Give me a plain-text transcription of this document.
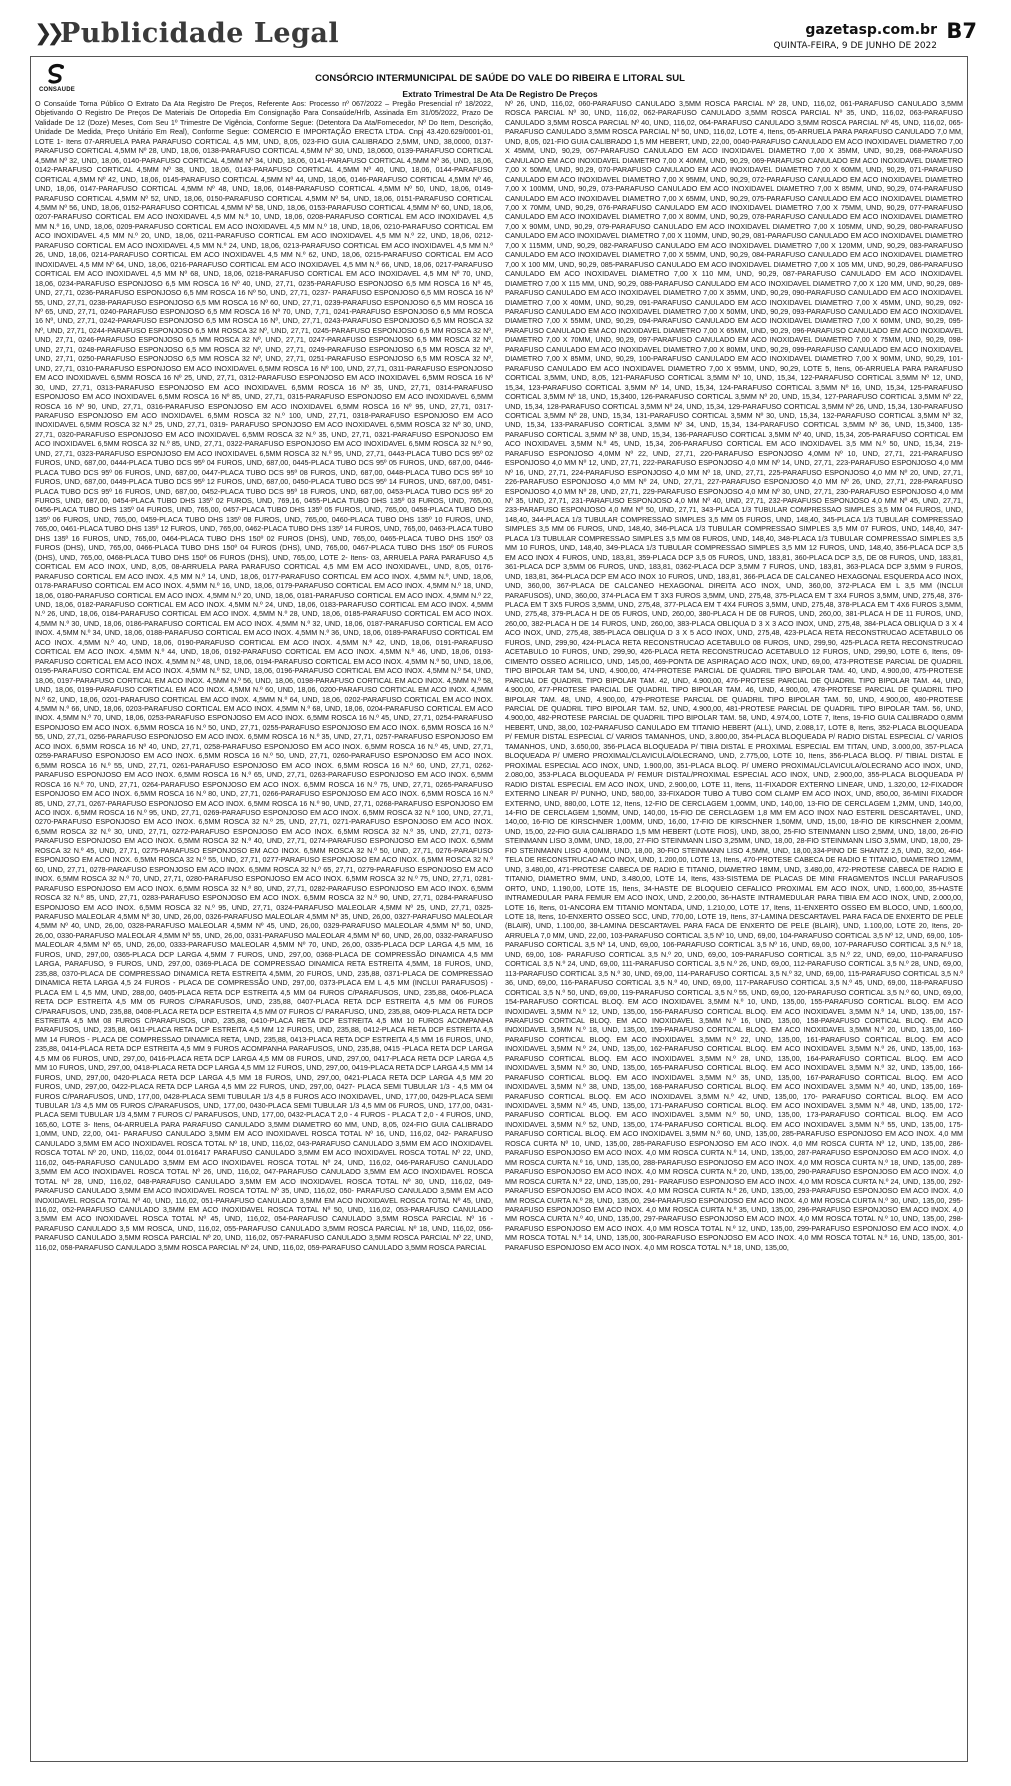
❯❯ Publicidade Legal	gazetasp.com.br
QUINTA-FEIRA, 9 DE JUNHO DE 2022
B7
CONSAUDE
CONSÓRCIO INTERMUNICIPAL DE SAÚDE DO VALE DO RIBEIRA E LITORAL SUL
Extrato Trimestral De Ata De Registro De Preços

O Consaúde Torna Público O Extrato Da Ata Registro De Preços, Referente Aos: Processo nº 067/2022 – Pregão Presencial nº 18/2022, Objetivando O Registro De Preços De Materiais De Ortopedia Em Consignação Para Consaúde/Hrlb, Assinada Em 31/05/2022, Prazo De Validade De 12 (Doze) Meses, Com Seu 1º Trimestre De Vigência, Conforme Segue: (Detentora Da Ata/Fornecedor, Nº Do Item, Descrição, Unidade De Medida, Preço Unitário Em Real), Conforme Segue: COMERCIO E IMPORTAÇÃO ERECTA LTDA. Cnpj 43.420.629/0001-01, LOTE 1- Itens 07-ARRUELA PARA PARAFUSO CORTICAL 4,5 MM, UND, 8,05, 023-FIO GUIA CALIBRADO 2,5MM, UND, 38,0000, 0137-PARAFUSO CORTICAL 4,5MM Nº 28, UND, 18,06, 0138-PARAFUSO CORTICAL 4,5MM Nº 30, UND, 18,0600, 0139-PARAFUSO CORTICAL 4,5MM Nº 32, UND, 18,06, 0140-PARAFUSO CORTICAL 4,5MM Nº 34, UND, 18,06, 0141-PARAFUSO CORTICAL 4,5MM Nº 36, UND, 18,06, 0142-PARAFUSO CORTICAL 4,5MM Nº 38, UND, 18,06, 0143-PARAFUSO CORTICAL 4,5MM Nº 40, UND, 18,06, 0144-PARAFUSO CORTICAL 4,5MM Nº 42, UND, 18,06, 0145-PARAFUSO CORTICAL 4,5MM Nº 44, UND, 18,06, 0146-PARAFUSO CORTICAL 4,5MM Nº 46, UND, 18,06, 0147-PARAFUSO CORTICAL 4,5MM Nº 48, UND, 18,06, 0148-PARAFUSO CORTICAL 4,5MM Nº 50, UND, 18,06, 0149-PARAFUSO CORTICAL 4,5MM Nº 52, UND, 18,06, 0150-PARAFUSO CORTICAL 4,5MM Nº 54, UND, 18,06, 0151-PARAFUSO CORTICAL 4,5MM Nº 56, UND, 18,06, 0152-PARAFUSO CORTICAL 4,5MM Nº 58, UND, 18,06, 0153-PARAFUSO CORTICAL 4,5MM Nº 60, UND, 18,06, 0207-PARAFUSO CORTICAL EM ACO INOXIDAVEL 4,5 MM N.º 10, UND, 18,06, 0208-PARAFUSO CORTICAL EM ACO INOXIDAVEL 4,5 MM N.º 16, UND, 18,06, 0209-PARAFUSO CORTICAL EM ACO INOXIDAVEL 4,5 MM N.º 18, UND, 18,06, 0210-PARAFUSO CORTICAL EM ACO INOXIDAVEL 4,5 MM N.º 20, UND, 18,06, 0211-PARAFUSO CORTICAL EM ACO INOXIDAVEL 4,5 MM N.º 22, UND, 18,06, 0212-PARAFUSO CORTICAL EM ACO INOXIDAVEL 4,5 MM N.º 24, UND, 18,06, 0213-PARAFUSO CORTICAL EM ACO INOXIDAVEL 4,5 MM N.º 26, UND, 18,06, 0214-PARAFUSO CORTICAL EM ACO INOXIDAVEL 4,5 MM N.º 62, UND, 18,06, 0215-PARAFUSO CORTICAL EM ACO INOXIDAVEL 4,5 MM Nº 64, UND, 18,06, 0216-PARAFUSO CORTICAL EM ACO INOXIDAVEL 4,5 MM N.º 66, UND, 18,06, 0217-PARAFUSO CORTICAL EM ACO INOXIDAVEL 4,5 MM Nº 68, UND, 18,06, 0218-PARAFUSO CORTICAL EM ACO INOXIDAVEL 4,5 MM Nº 70, UND, 18,06, 0234-PARAFUSO ESPONJOSO 6,5 MM ROSCA 16 Nº 40, UND, 27,71, 0235-PARAFUSO ESPONJOSO 6,5 MM ROSCA 16 Nº 45, UND, 27,71, 0236-PARAFUSO ESPONJOSO 6,5 MM ROSCA 16 Nº 50, UND, 27,71, 0237- PARAFUSO ESPONJOSO 6,5 MM ROSCA 16 Nº 55, UND, 27,71, 0238-PARAFUSO ESPONJOSO 6,5 MM ROSCA 16 Nº 60, UND, 27,71, 0239-PARAFUSO ESPONJOSO 6,5 MM ROSCA 16 Nº 65, UND, 27,71, 0240-PARAFUSO ESPONJOSO 6,5 MM ROSCA 16 Nº 70, UND, 7,71, 0241-PARAFUSO ESPONJOSO 6,5 MM ROSCA 16 Nº, UND, 27,71, 0242-PARAFUSO ESPONJOSO 6,5 MM ROSCA 16 Nº, UND, 27,71, 0243-PARAFUSO ESPONJOSO 6,5 MM ROSCA 32 Nº, UND, 27,71, 0244-PARAFUSO ESPONJOSO 6,5 MM ROSCA 32 Nº, UND, 27,71, 0245-PARAFUSO ESPONJOSO 6,5 MM ROSCA 32 Nº, UND, 27,71, 0246-PARAFUSO ESPONJOSO 6,5 MM ROSCA 32 Nº, UND, 27,71, 0247-PARAFUSO ESPONJOSO 6,5 MM ROSCA 32 Nº, UND, 27,71, 0248-PARAFUSO ESPONJOSO 6,5 MM ROSCA 32 Nº, UND, 27,71, 0249-PARAFUSO ESPONJOSO 6,5 MM ROSCA 32 Nº, UND, 27,71, 0250-PARAFUSO ESPONJOSO 6,5 MM ROSCA 32 Nº, UND, 27,71, 0251-PARAFUSO ESPONJOSO 6,5 MM ROSCA 32 Nº, UND, 27,71, 0310-PARAFUSO ESPONJOSO EM ACO INOXIDAVEL 6,5MM ROSCA 16 Nº 100, UND, 27,71, 0311-PARAFUSO ESPONJOSO EM ACO INOXIDAVEL 6,5MM ROSCA 16 Nº 25, UND, 27,71, 0312-PARAFUSO ESPONJOSO EM ACO INOXIDAVEL 6,5MM ROSCA 16 Nº 30, UND, 27,71, 0313-PARAFUSO ESPONJOSO EM ACO INOXIDAVEL 6,5MM ROSCA 16 Nº 35, UND, 27,71, 0314-PARAFUSO ESPONJOSO EM ACO INOXIDAVEL 6,5MM ROSCA 16 Nº 85, UND, 27,71, 0315-PARAFUSO ESPONJOSO EM ACO INOXIDAVEL 6,5MM ROSCA 16 Nº 90, UND, 27,71, 0316-PARAFUSO ESPONJOSO EM ACO INOXIDAVEL 6,5MM ROSCA 16 Nº 95, UND, 27,71, 0317-PARAFUSO ESPONJOSO EM ACO INOXIDAVEL 6,5MM ROSCA 32 N.º 100, UND, 27,71, 0318-PARAFUSO ESPONJOSO EM ACO INOXIDAVEL 6,5MM ROSCA 32 N.º 25, UND, 27,71, 0319- PARAFUSO SPONJOSO EM ACO INOXIDAVEL 6,5MM ROSCA 32 Nº 30, UND, 27,71, 0320-PARAFUSO ESPONJOSO EM ACO INOXIDAVEL 6,5MM ROSCA 32 N.º 35, UND, 27,71, 0321-PARAFUSO ESPONJOSO EM ACO INOXIDAVEL 6,5MM ROSCA 32 N.º 85, UND, 27,71, 0322-PARAFUSO ESPONJOSO EM ACO INOXIDAVEL 6,5MM ROSCA 32 N.º 90, UND, 27,71, 0323-PARAFUSO ESPONJOSO EM ACO INOXIDAVEL 6,5MM ROSCA 32 N.º 95, UND, 27,71, 0443-PLACA TUBO DCS 95º 02 FUROS, UND, 687,00, 0444-PLACA TUBO DCS 95º 04 FUROS, UND, 687,00, 0445-PLACA TUBO DCS 95º 05 FUROS, UND, 687,00, 0446-PLACA TUBO DCS 95º 06 FUROS, UND, 687,00, 0447-PLACA TUBO DCS 95º 08 FUROS, UND, 687,00, 0448-PLACA TUBO DCS 95º 10 FUROS, UND, 687,00, 0449-PLACA TUBO DCS 95º 12 FUROS, UND, 687,00, 0450-PLACA TUBO DCS 95º 14 FUROS, UND, 687,00, 0451-PLACA TUBO DCS 95º 16 FUROS, UND, 687,00, 0452-PLACA TUBO DCS 95º 18 FUROS, UND, 687,00, 0453-PLACA TUBO DCS 95º 20 FUROS, UND, 687,00, 0454-PLACA TUBO DHS 135º 02 FUROS, UND, 769,16, 0455-PLACA TUBO DHS 135º 03 FUROS, UND, 765,00, 0456-PLACA TUBO DHS 135º 04 FUROS, UND, 765,00, 0457-PLACA TUBO DHS 135º 05 FUROS, UND, 765,00, 0458-PLACA TUBO DHS 135º 06 FUROS, UND, 765,00, 0459-PLACA TUBO DHS 135º 08 FUROS, UND, 765,00, 0460-PLACA TUBO DHS 135º 10 FUROS, UND, 765,00, 0461-PLACA TUBO DHS 135º 12 FUROS, UND, 765,00, 0462-PLACA TUBO DHS 135º 14 FUROS, UND, 765,00, 0463-PLACA TUBO DHS 135º 16 FUROS, UND, 765,00, 0464-PLACA TUBO DHS 150º 02 FUROS (DHS), UND, 765,00, 0465-PLACA TUBO DHS 150º 03 FUROS (DHS), UND, 765,00, 0466-PLACA TUBO DHS 150º 04 FUROS (DHS), UND, 765,00, 0467-PLACA TUBO DHS 150º 05 FUROS (DHS), UND, 765,00, 0468-PLACA TUBO DHS 150º 06 FUROS (DHS), UND, 765,00, LOTE 2- Itens- 03, ARRUELA PARA PARAFUSO 4,5 CORTICAL EM ACO INOX, UND, 8,05, 08-ARRUELA PARA PARAFUSO CORTICAL 4,5 MM EM ACO INOXIDAVEL, UND, 8,05, 0176-PARAFUSO CORTICAL EM ACO INOX. 4,5 MM N.º 14, UND, 18,06, 0177-PARAFUSO CORTICAL EM ACO INOX. 4,5MM N.º, UND, 18,06, 0178-PARAFUSO CORTICAL EM ACO INOX. 4,5MM N.º 16, UND, 18,06, 0179-PARAFUSO CORTICAL EM ACO INOX. 4,5MM N.º 18, UND, 18,06, 0180-PARAFUSO CORTICAL EM ACO INOX. 4,5MM N.º 20, UND, 18,06, 0181-PARAFUSO CORTICAL EM ACO INOX. 4,5MM N.º 22, UND, 18,06, 0182-PARAFUSO CORTICAL EM ACO INOX. 4,5MM N.º 24, UND, 18,06, 0183-PARAFUSO CORTICAL EM ACO INOX. 4,5MM N.º 26, UND, 18,06, 0184-PARAFUSO CORTICAL EM ACO INOX. 4,5MM N.º 28, UND, 18,06, 0185-PARAFUSO CORTICAL EM ACO INOX. 4,5MM N.º 30, UND, 18,06, 0186-PARAFUSO CORTICAL EM ACO INOX. 4,5MM N.º 32, UND, 18,06, 0187-PARAFUSO CORTICAL EM ACO INOX. 4,5MM N.º 34, UND, 18,06, 0188-PARAFUSO CORTICAL EM ACO INOX. 4,5MM N.º 36, UND, 18,06, 0189-PARAFUSO CORTICAL EM ACO INOX. 4,5MM N.º 40, UND, 18,06, 0190-PARAFUSO CORTICAL EM ACO INOX. 4,5MM N.º 42, UND, 18,06, 0191-PARAFUSO CORTICAL EM ACO INOX. 4,5MM N.º 44, UND, 18,06, 0192-PARAFUSO CORTICAL EM ACO INOX. 4,5MM N.º 46, UND, 18,06, 0193-PARAFUSO CORTICAL EM ACO INOX. 4,5MM N.º 48, UND, 18,06, 0194-PARAFUSO CORTICAL EM ACO INOX. 4,5MM N.º 50, UND, 18,06, 0195-PARAFUSO CORTICAL EM ACO INOX. 4,5MM N.º 52, UND, 18,06, 0196-PARAFUSO CORTICAL EM ACO INOX. 4,5MM N.º 54, UND, 18,06, 0197-PARAFUSO CORTICAL EM ACO INOX. 4,5MM N.º 56, UND, 18,06, 0198-PARAFUSO CORTICAL EM ACO INOX. 4,5MM N.º 58, UND, 18,06, 0199-PARAFUSO CORTICAL EM ACO INOX. 4,5MM N.º 60, UND, 18,06, 0200-PARAFUSO CORTICAL EM ACO INOX. 4,5MM N.º 62, UND, 18,06, 0201-PARAFUSO CORTICAL EM ACO INOX. 4,5MM N.º 64, UND, 18,06, 0202-PARAFUSO CORTICAL EM ACO INOX. 4,5MM N.º 66, UND, 18,06, 0203-PARAFUSO CORTICAL EM ACO INOX. 4,5MM N.º 68, UND, 18,06, 0204-PARAFUSO CORTICAL EM ACO INOX. 4,5MM N.º 70, UND, 18,06, 0253-PARAFUSO ESPONJOSO EM ACO INOX. 6,5MM ROSCA 16 N.º 45, UND, 27,71, 0254-PARAFUSO ESPONJOSO EM ACO INOX. 6,5MM ROSCA 16 N.º 50, UND, 27,71, 0255-PARAFUSO ESPONJOSO EM ACO INOX. 6,5MM ROSCA 16 N.º 55, UND, 27,71, 0256-PARAFUSO ESPONJOSO EM ACO INOX. 6,5MM ROSCA 16 N.º 35, UND, 27,71, 0257-PARAFUSO ESPONJOSO EM ACO INOX. 6,5MM ROSCA 16 Nº 40, UND, 27,71, 0258-PARAFUSO ESPONJOSO EM ACO INOX. 6,5MM ROSCA 16 N.º 45, UND, 27,71, 0259-PARAFUSO ESPONJOSO EM ACO INOX. 6,5MM ROSCA 16 N.º 50, UND, 27,71, 0260-PARAFUSO ESPONJOSO EM ACO INOX. 6,5MM ROSCA 16 N.º 55, UND, 27,71, 0261-PARAFUSO ESPONJOSO EM ACO INOX. 6,5MM ROSCA 16 N.º 60, UND, 27,71, 0262-PARAFUSO ESPONJOSO EM ACO INOX. 6,5MM ROSCA 16 N.º 65, UND, 27,71, 0263-PARAFUSO ESPONJOSO EM ACO INOX. 6,5MM ROSCA 16 N.º 70, UND, 27,71, 0264-PARAFUSO ESPONJOSO EM ACO INOX. 6,5MM ROSCA 16 N.º 75, UND, 27,71, 0265-PARAFUSO ESPONJOSO EM ACO INOX. 6,5MM ROSCA 16 N.º 80, UND, 27,71, 0266-PARAFUSO ESPONJOSO EM ACO INOX. 6,5MM ROSCA 16 N.º 85, UND, 27,71, 0267-PARAFUSO ESPONJOSO EM ACO INOX. 6,5MM ROSCA 16 N.º 90, UND, 27,71, 0268-PARAFUSO ESPONJOSO EM ACO INOX. 6,5MM ROSCA 16 N.º 95, UND, 27,71, 0269-PARAFUSO ESPONJOSO EM ACO INOX. 6,5MM ROSCA 32 N.º 100, UND, 27,71, 0270-PARAFUSO ESPONJOSO EM ACO INOX. 6,5MM ROSCA 32 N.º 25, UND, 27,71, 0271-PARAFUSO ESPONJOSO EM ACO INOX. 6,5MM ROSCA 32 N.º 30, UND, 27,71, 0272-PARAFUSO ESPONJOSO EM ACO INOX. 6,5MM ROSCA 32 N.º 35, UND, 27,71, 0273-PARAFUSO ESPONJOSO EM ACO INOX. 6,5MM ROSCA 32 N.º 40, UND, 27,71, 0274-PARAFUSO ESPONJOSO EM ACO INOX. 6,5MM ROSCA 32 N.º 45, UND, 27,71, 0275-PARAFUSO ESPONJOSO EM ACO INOX. 6,5MM ROSCA 32 N.º 50, UND, 27,71, 0276-PARAFUSO ESPONJOSO EM ACO INOX. 6,5MM ROSCA 32 N.º 55, UND, 27,71, 0277-PARAFUSO ESPONJOSO EM ACO INOX. 6,5MM ROSCA 32 N.º 60, UND, 27,71, 0278-PARAFUSO ESPONJOSO EM ACO INOX. 6,5MM ROSCA 32 N.º 65, 27,71, 0279-PARAFUSO ESPONJOSO EM ACO INOX. 6,5MM ROSCA 32 N.º 70, UND, 27,71, 0280-PARAFUSO ESPONJOSO EM ACO INOX. 6,5MM ROSCA 32 N.º 75, UND, 27,71, 0281-PARAFUSO ESPONJOSO EM ACO INOX. 6,5MM ROSCA 32 N.º 80, UND, 27,71, 0282-PARAFUSO ESPONJOSO EM ACO INOX. 6,5MM ROSCA 32 N.º 85, UND, 27,71, 0283-PARAFUSO ESPONJOSO EM ACO INOX. 6,5MM ROSCA 32 N.º 90, UND, 27,71, 0284-PARAFUSO ESPONJOSO EM ACO INOX. 6,5MM ROSCA 32 N.º 95, UND, 27,71, 0324-PARAFUSO MALEOLAR 4,5MM Nº 25, UND, 27,71, 0325-PARAFUSO MALEOLAR 4,5MM Nº 30, UND, 26,00, 0326-PARAFUSO MALEOLAR 4,5MM Nº 35, UND, 26,00, 0327-PARAFUSO MALEOLAR 4,5MM Nº 40, UND, 26,00, 0328-PARAFUSO MALEOLAR 4,5MM Nº 45, UND, 26,00, 0329-PARAFUSO MALEOLAR 4,5MM Nº 50, UND, 26,00, 0330-PARAFUSO MALEOLAR 4,5MM Nº 55, UND, 26,00, 0331-PARAFUSO MALEOLAR 4,5MM Nº 60, UND, 26,00, 0332-PARAFUSO MALEOLAR 4,5MM Nº 65, UND, 26,00, 0333-PARAFUSO MALEOLAR 4,5MM Nº 70, UND, 26,00, 0335-PLACA DCP LARGA 4,5 MM, 16 FUROS, UND, 297,00, 0365-PLACA DCP LARGA 4,5MM 7 FUROS, UND, 297,00, 0368-PLACA DE COMPRESSÃO DINAMICA 4,5 MM LARGA, PARAFUSO, 9 FUROS, UND, 297,00, 0369-PLACA DE COMPRESSAO DINAMICA RETA ESTREITA 4,5MM, 18 FUROS, UND, 235,88, 0370-PLACA DE COMPRESSAO DINAMICA RETA ESTREITA 4,5MM, 20 FUROS, UND, 235,88, 0371-PLACA DE COMPRESSAO DINAMICA RETA LARGA 4,5 24 FUROS - PLACA DE COMPRESSÃO UND, 297,00, 0373-PLACA EM L 4,5 MM (INCLUI PARAFUSOS) - PLACA EM L 4,5 MM, UND, 288,00, 0405-PLACA RETA DCP ESTREITA 4,5 MM 04 FUROS C/PARAFUSOS, UND, 235,88, 0406-PLACA RETA DCP ESTREITA 4,5 MM 05 FUROS C/PARAFUSOS, UND, 235,88, 0407-PLACA RETA DCP ESTREITA 4,5 MM 06 FUROS C/PARAFUSOS, UND, 235,88, 0408-PLACA RETA DCP ESTREITA 4,5 MM 07 FUROS C/ PARAFUSO, UND, 235,88, 0409-PLACA RETA DCP ESTREITA 4,5 MM 08 FUROS C/PARAFUSOS, UND, 235,88, 0410-PLACA RETA DCP ESTREITA 4,5 MM 10 FUROS ACOMPANHA PARAFUSOS, UND, 235,88, 0411-PLACA RETA DCP ESTREITA 4,5 MM 12 FUROS, UND, 235,88, 0412-PLACA RETA DCP ESTREITA 4,5 MM 14 FUROS - PLACA DE COMPRESSAO DINAMICA RETA, UND, 235,88, 0413-PLACA RETA DCP ESTREITA 4,5 MM 16 FUROS, UND, 235,88, 0414-PLACA RETA DCP ESTREITA 4,5 MM 9 FUROS ACOMPANHA PARAFUSOS, UND, 235,88, 0415 -PLACA RETA DCP LARGA 4,5 MM 06 FUROS, UND, 297,00, 0416-PLACA RETA DCP LARGA 4,5 MM 08 FUROS, UND, 297,00, 0417-PLACA RETA DCP LARGA 4,5 MM 10 FUROS, UND, 297,00, 0418-PLACA RETA DCP LARGA 4,5 MM 12 FUROS, UND, 297,00, 0419-PLACA RETA DCP LARGA 4,5 MM 14 FUROS, UND, 297,00, 0420-PLACA RETA DCP LARGA 4,5 MM 18 FUROS, UND, 297,00, 0421-PLACA RETA DCP LARGA 4,5 MM 20 FUROS, UND, 297,00, 0422-PLACA RETA DCP LARGA 4,5 MM 22 FUROS, UND, 297,00, 0427- PLACA SEMI TUBULAR 1/3 - 4,5 MM 04 FUROS C/PARAFUSOS, UND, 177,00, 0428-PLACA SEMI TUBULAR 1/3 4,5 8 FUROS ACO INOXIDAVEL, UND, 177,00, 0429-PLACA SEMI TUBULAR 1/3 4,5 MM 05 FUROS C/PARAFUSOS, UND, 177,00, 0430-PLACA SEMI TUBULAR 1/3 4,5 MM 06 FUROS, UND, 177,00, 0431-PLACA SEMI TUBULAR 1/3 4,5MM 7 FUROS C/ PARAFUSOS, UND, 177,00, 0432-PLACA T 2,0 - 4 FUROS - PLACA T 2,0 - 4 FUROS, UND, 165,60, LOTE 3- Itens, 04-ARRUELA PARA PARAFUSO CANULADO 3,5MM DIAMETRO 60 MM, UND, 8,05, 024-FIO GUIA CALIBRADO 1,0MM, UND, 22,00, 041- PARAFUSO CANULADO 3,5MM EM ACO INOXIDAVEL ROSCA TOTAL Nº 16, UND, 116,02, 042- PARAFUSO CANULADO 3,5MM EM ACO INOXIDAVEL ROSCA TOTAL Nº 18, UND, 116,02, 043-PARAFUSO CANULADO 3,5MM EM ACO INOXIDAVEL ROSCA TOTAL Nº 20, UND, 116,02, 0044 01.016417 PARAFUSO CANULADO 3,5MM EM ACO INOXIDAVEL ROSCA TOTAL Nº 22, UND, 116,02, 045-PARAFUSO CANULADO 3,5MM EM ACO INOXIDAVEL ROSCA TOTAL Nº 24, UND, 116,02, 046-PARAFUSO CANULADO 3,5MM EM ACO INOXIDAVEL ROSCA TOTAL Nº 26, UND, 116,02, 047-PARAFUSO CANULADO 3,5MM EM ACO INOXIDAVEL ROSCA TOTAL Nº 28, UND, 116,02, 048-PARAFUSO CANULADO 3,5MM EM ACO INOXIDAVEL ROSCA TOTAL Nº 30, UND, 116,02, 049-PARAFUSO CANULADO 3,5MM EM ACO INOXIDAVEL ROSCA TOTAL Nº 35, UND, 116,02, 050- PARAFUSO CANULADO 3,5MM EM ACO INOXIDAVEL ROSCA TOTAL Nº 40, UND, 116,02, 051-PARAFUSO CANULADO 3,5MM EM ACO INOXIDAVEL ROSCA TOTAL Nº 45, UND, 116,02, 052-PARAFUSO CANULADO 3,5MM EM ACO INOXIDAVEL ROSCA TOTAL Nº 50, UND, 116,02, 053-PARAFUSO CANULADO 3,5MM EM ACO INOXIDAVEL ROSCA TOTAL Nº 45, UND, 116,02, 054-PARAFUSO CANULADO 3,5MM ROSCA PARCIAL Nº 16 - PARAFUSO CANULADO 3,5 MM ROSCA, UND, 116,02, 055-PARAFUSO CANULADO 3,5MM ROSCA PARCIAL Nº 18, UND, 116,02, 056-PARAFUSO CANULADO 3,5MM ROSCA PARCIAL Nº 20, UND, 116,02, 057-PARAFUSO CANULADO 3,5MM ROSCA PARCIAL Nº 22, UND, 116,02, 058-PARAFUSO CANULADO 3,5MM ROSCA PARCIAL Nº 24, UND, 116,02, 059-PARAFUSO CANULADO 3,5MM ROSCA PARCIAL

Nº 26, UND, 116,02, 060-PARAFUSO CANULADO 3,5MM ROSCA PARCIAL Nº 28, UND, 116,02, 061-PARAFUSO CANULADO 3,5MM ROSCA PARCIAL Nº 30, UND, 116,02, 062-PARAFUSO CANULADO 3,5MM ROSCA PARCIAL Nº 35, UND, 116,02, 063-PARAFUSO CANULADO 3,5MM ROSCA PARCIAL Nº 40, UND, 116,02, 064-PARAFUSO CANULADO 3,5MM ROSCA PARCIAL Nº 45, UND, 116,02, 065-PARAFUSO CANULADO 3,5MM ROSCA PARCIAL Nº 50, UND, 116,02, LOTE 4, Itens, 05-ARRUELA PARA PARAFUSO CANULADO 7,0 MM, UND, 8,05, 021-FIO GUIA CALIBRADO 1,5 MM HEBERT, UND, 22,00, 0040-PARAFUSO CANULADO EM ACO INOXIDAVEL DIAMETRO 7,00 X 45MM, UND, 90,29, 067-PARAFUSO CANULADO EM ACO INOXIDAVEL DIAMETRO 7,00 X 35MM, UND, 90,29, 068-PARAFUSO CANULADO EM ACO INOXIDAVEL DIAMETRO 7,00 X 40MM, UND, 90,29, 069-PARAFUSO CANULADO EM ACO INOXIDAVEL DIAMETRO 7,00 X 50MM, UND, 90,29, 070-PARAFUSO CANULADO EM ACO INOXIDAVEL DIAMETRO 7,00 X 60MM, UND, 90,29, 071-PARAFUSO CANULADO EM ACO INOXIDAVEL DIAMETRO 7,00 X 95MM, UND, 90,29, 072-PARAFUSO CANULADO EM ACO INOXIDAVEL DIAMETRO 7,00 X 100MM, UND, 90,29, 073-PARAFUSO CANULADO EM ACO INOXIDAVEL DIAMETRO 7,00 X 85MM, UND, 90,29, 074-PARAFUSO CANULADO EM ACO INOXIDAVEL DIAMETRO 7,00 X 65MM, UND, 90,29, 075-PARAFUSO CANULADO EM ACO INOXIDAVEL DIAMETRO 7,00 X 70MM, UND, 90,29, 076-PARAFUSO CANULADO EM ACO INOXIDAVEL DIAMETRO 7,00 X 75MM, UND, 90,29, 077-PARAFUSO CANULADO EM ACO INOXIDAVEL DIAMETRO 7,00 X 80MM, UND, 90,29, 078-PARAFUSO CANULADO EM ACO INOXIDAVEL DIAMETRO 7,00 X 90MM, UND, 90,29, 079-PARAFUSO CANULADO EM ACO INOXIDAVEL DIAMETRO 7,00 X 105MM, UND, 90,29, 080-PARAFUSO CANULADO EM ACO INOXIDAVEL DIAMETRO 7,00 X 110MM, UND, 90,29, 081-PARAFUSO CANULADO EM ACO INOXIDAVEL DIAMETRO 7,00 X 115MM, UND, 90,29, 082-PARAFUSO CANULADO EM ACO INOXIDAVEL DIAMETRO 7,00 X 120MM, UND, 90,29, 083-PARAFUSO CANULADO EM ACO INOXIDAVEL DIAMETRO 7,00 X 55MM, UND, 90,29, 084-PARAFUSO CANULADO EM ACO INOXIDAVEL DIAMETRO 7,00 X 100 MM, UND, 90,29, 085-PARAFUSO CANULADO EM ACO INOXIDAVEL DIAMETRO 7,00 X 105 MM, UND, 90,29, 086-PARAFUSO CANULADO EM ACO INOXIDAVEL DIAMETRO 7,00 X 110 MM, UND, 90,29, 087-PARAFUSO CANULADO EM ACO INOXIDAVEL DIAMETRO 7,00 X 115 MM, UND, 90,29, 088-PARAFUSO CANULADO EM ACO INOXIDAVEL DIAMETRO 7,00 X 120 MM, UND, 90,29, 089-PARAFUSO CANULADO EM ACO INOXIDAVEL DIAMETRO 7,00 X 35MM, UND, 90,29, 090-PARAFUSO CANULADO EM ACO INOXIDAVEL DIAMETRO 7,00 X 40MM, UND, 90,29, 091-PARAFUSO CANULADO EM ACO INOXIDAVEL DIAMETRO 7,00 X 45MM, UND, 90,29, 092-PARAFUSO CANULADO EM ACO INOXIDAVEL DIAMETRO 7,00 X 50MM, UND, 90,29, 093-PARAFUSO CANULADO EM ACO INOXIDAVEL DIAMETRO 7,00 X 55MM, UND, 90,29, 094-PARAFUSO CANULADO EM ACO INOXIDAVEL DIAMETRO 7,00 X 60MM, UND, 90,29, 095-PARAFUSO CANULADO EM ACO INOXIDAVEL DIAMETRO 7,00 X 65MM, UND, 90,29, 096-PARAFUSO CANULADO EM ACO INOXIDAVEL DIAMETRO 7,00 X 70MM, UND, 90,29, 097-PARAFUSO CANULADO EM ACO INOXIDAVEL DIAMETRO 7,00 X 75MM, UND, 90,29, 098-PARAFUSO CANULADO EM ACO INOXIDAVEL DIAMETRO 7,00 X 80MM, UND, 90,29, 099-PARAFUSO CANULADO EM ACO INOXIDAVEL DIAMETRO 7,00 X 85MM, UND, 90,29, 100-PARAFUSO CANULADO EM ACO INOXIDAVEL DIAMETRO 7,00 X 90MM, UND, 90,29, 101-PARAFUSO CANULADO EM ACO INOXIDAVEL DIAMETRO 7,00 X 95MM, UND, 90,29, LOTE 5, Itens, 06-ARRUELA PARA PARAFUSO CORTICAL 3,5MM, UND, 8,05, 121-PARAFUSO CORTICAL 3,5MM Nº 10, UND, 15,34, 122-PARAFUSO CORTICAL 3,5MM Nº 12, UND, 15,34, 123-PARAFUSO CORTICAL 3,5MM Nº 14, UND, 15,34, 124-PARAFUSO CORTICAL 3,5MM Nº 16, UND, 15,34, 125-PARAFUSO CORTICAL 3,5MM Nº 18, UND, 15,3400, 126-PARAFUSO CORTICAL 3,5MM Nº 20, UND, 15,34, 127-PARAFUSO CORTICAL 3,5MM Nº 22, UND, 15,34, 128-PARAFUSO CORTICAL 3,5MM Nº 24, UND, 15,34, 129-PARAFUSO CORTICAL 3,5MM Nº 26, UND, 15,34, 130-PARAFUSO CORTICAL 3,5MM Nº 28, UND, 15,34, 131-PARAFUSO CORTICAL 3,5MM Nº 30, UND, 15,34, 132-PARAFUSO CORTICAL 3,5MM Nº 32, UND, 15,34, 133-PARAFUSO CORTICAL 3,5MM Nº 34, UND, 15,34, 134-PARAFUSO CORTICAL 3,5MM Nº 36, UND, 15,3400, 135-PARAFUSO CORTICAL 3,5MM Nº 38, UND, 15,34, 136-PARAFUSO CORTICAL 3,5MM Nº 40, UND, 15,34, 205-PARAFUSO CORTICAL EM ACO INOXIDAVEL 3,5MM N.º 45, UND, 15,34, 206-PARAFUSO CORTICAL EM ACO INOXIDAVEL 3,5 MM N.º 50, UND, 15,34, 219-PARAFUSO ESPONJOSO 4,0MM Nº 22, UND, 27,71, 220-PARAFUSO ESPONJOSO 4,0MM Nº 10, UND, 27,71, 221-PARAFUSO ESPONJOSO 4,0 MM Nº 12, UND, 27,71, 222-PARAFUSO ESPONJOSO 4,0 MM Nº 14, UND, 27,71, 223-PARAFUSO ESPONJOSO 4,0 MM Nº 16, UND, 27,71, 224-PARAFUSO ESPONJOSO 4,0 MM Nº 18, UND, 27,71, 225-PARAFUSO ESPONJOSO 4,0 MM Nº 20, UND, 27,71, 226-PARAFUSO ESPONJOSO 4,0 MM Nº 24, UND, 27,71, 227-PARAFUSO ESPONJOSO 4,0 MM Nº 26, UND, 27,71, 228-PARAFUSO ESPONJOSO 4,0 MM Nº 28, UND, 27,71, 229-PARAFUSO ESPONJOSO 4,0 MM Nº 30, UND, 27,71, 230-PARAFUSO ESPONJOSO 4,0 MM Nº 35, UND, 27,71, 231-PARAFUSO ESPONJOSO 4,0 MM Nº 40, UND, 27,71, 232-PARAFUSO ESPONJOSO 4,0 MM Nº 45, UND, 27,71, 233-PARAFUSO ESPONJOSO 4,0 MM Nº 50, UND, 27,71, 343-PLACA 1/3 TUBULAR COMPRESSAO SIMPLES 3,5 MM 04 FUROS, UND, 148,40, 344-PLACA 1/3 TUBULAR COMPRESSAO SIMPLES 3,5 MM 05 FUROS, UND, 148,40, 345-PLACA 1/3 TUBULAR COMPRESSAO SIMPLES 3,5 MM 06 FUROS, UND, 148,40, 346-PLACA 1/3 TUBULAR COMPRESSAO SIMPLES 3,5 MM 07 FUROS, UND, 148,40, 347-PLACA 1/3 TUBULAR COMPRESSAO SIMPLES 3,5 MM 08 FUROS, UND, 148,40, 348-PLACA 1/3 TUBULAR COMPRESSAO SIMPLES 3,5 MM 10 FUROS, UND, 148,40, 349-PLACA 1/3 TUBULAR COMPRESSAO SIMPLES 3,5 MM 12 FUROS, UND, 148,40, 356-PLACA DCP 3,5 EM ACO INOX 4 FUROS, UND, 183,81, 359-PLACA DCP 3,5 05 FUROS, UND, 183,81, 360-PLACA DCP 3,5, DE 08 FUROS, UND, 183,81, 361-PLACA DCP 3,5MM 06 FUROS, UND, 183,81, 0362-PLACA DCP 3,5MM 7 FUROS, UND, 183,81, 363-PLACA DCP 3,5MM 9 FUROS, UND, 183,81, 364-PLACA DCP EM ACO INOX 10 FUROS, UND, 183,81, 366-PLACA DE CALCANEO HEXAGONAL ESQUERDA ACO INOX, UND, 360,00, 367-PLACA DE CALCANEO HEXAGONAL DIREITA ACO INOX, UND, 360,00, 372-PLACA EM L 3,5 MM (INCLUI PARAFUSOS), UND, 360,00, 374-PLACA EM T 3X3 FUROS 3,5MM, UND, 275,48, 375-PLACA EM T 3X4 FUROS 3,5MM, UND, 275,48, 376-PLACA EM T 3X5 FUROS 3,5MM, UND, 275,48, 377-PLACA EM T 4X4 FUROS 3,5MM, UND, 275,48, 378-PLACA EM T 4X6 FUROS 3,5MM, UND, 275,48, 379-PLACA H DE 05 FUROS, UND, 260,00, 380-PLACA H DE 08 FUROS, UND, 260,00, 381-PLACA H DE 11 FUROS, UND, 260,00, 382-PLACA H DE 14 FUROS, UND, 260,00, 383-PLACA OBLIQUA D 3 X 3 ACO INOX, UND, 275,48, 384-PLACA OBLIQUA D 3 X 4 ACO INOX, UND, 275,48, 385-PLACA OBLIQUA D 3 X 5 ACO INOX, UND, 275,48, 423-PLACA RETA RECONSTRUCAO ACETABULO 06 FUROS, UND, 299,90, 424-PLACA RETA RECONSTRUCAO ACETABULO 08 FUROS, UND, 299,90, 425-PLACA RETA RECONSTRUCAO ACETABULO 10 FUROS, UND, 299,90, 426-PLACA RETA RECONSTRUCAO ACETABULO 12 FUROS, UND, 299,90, LOTE 6, Itens, 09-CIMENTO OSSEO ACRILICO, UND, 145,00, 469-PONTA DE ASPIRAÇAO ACO INOX, UND, 69,00, 473-PROTESE PARCIAL DE QUADRIL TIPO BIPOLAR TAM 54, UND, 4.900,00, 474-PROTESE PARCIAL DE QUADRIL TIPO BIPOLAR TAM. 40, UND, 4.900,00, 475-PROTESE PARCIAL DE QUADRIL TIPO BIPOLAR TAM. 42, UND, 4.900,00, 476-PROTESE PARCIAL DE QUADRIL TIPO BIPOLAR TAM. 44, UND, 4.900,00, 477-PROTESE PARCIAL DE QUADRIL TIPO BIPOLAR TAM. 46, UND, 4.900,00, 478-PROTESE PARCIAL DE QUADRIL TIPO BIPOLAR TAM. 48, UND, 4.900,00, 479-PROTESE PARCIAL DE QUADRIL TIPO BIPOLAR TAM. 50, UND, 4.900,00, 480-PROTESE PARCIAL DE QUADRIL TIPO BIPOLAR TAM. 52, UND, 4.900,00, 481-PROTESE PARCIAL DE QUADRIL TIPO BIPOLAR TAM. 56, UND, 4.900,00, 482-PROTESE PARCIAL DE QUADRIL TIPO BIPOLAR TAM. 58, UND, 4.974,00, LOTE 7, Itens, 19-FIO GUIA CALIBRADO 0,8MM HEBERT, UND, 38,00, 102-PARAFUSO CANULADO EM TITANIO HEBERT (ALL), UND, 2.088,17, LOTE 8, Itens, 352-PLACA BLOQUEADA P/ FEMUR DISTAL ESPECIAL C/ VARIOS TAMANHOS, UND, 3.800,00, 354-PLACA BLOQUEADA P/ RADIO DISTAL ESPECIAL C/ VARIOS TAMANHOS, UND, 3.650,00, 356-PLACA BLOQUEADA P/ TIBIA DISTAL E PROXIMAL ESPECIAL EM TITAN, UND, 3.000,00, 357-PLACA BLOQUEADA P/ UMERO PROXIMAL/CLAVICULA/OLECRANO, UND, 2.775,00, LOTE 10, Itens, 356-PLACA BLOQ. P/ TIBIAL DISTAL E PROXIMAL ESPECIAL ACO INOX, UND, 1.900,00, 351-PLACA BLOQ. P/ UMERO PROXIMAL/CLAVICULA/OLECRANO ACO INOX, UND, 2.080,00, 353-PLACA BLOQUEADA P/ FEMUR DISTAL/PROXIMAL ESPECIAL ACO INOX, UND, 2.900,00, 355-PLACA BLOQUEADA P/ RADIO DISTAL ESPECIAL EM ACO INOX, UND, 2.900,00, LOTE 11, Itens, 11-FIXADOR EXTERNO LINEAR, UND, 1.320,00, 12-FIXADOR EXTERNO LINEAR P/ PUNHO, UND, 580,00, 33-FIXADOR TUBO A TUBO COM CLAMP EM ACO INOX, UND, 850,00, 36-MINI FIXADOR EXTERNO, UND, 880,00, LOTE 12, Itens, 12-FIO DE CERCLAGEM 1,00MM, UND, 140,00, 13-FIO DE CERCLAGEM 1,2MM, UND, 140,00, 14-FIO DE CERCLAGEM 1,50MM, UND, 140,00, 15-FIO DE CERCLAGEM 1,8 MM EM ACO INOX NAO ESTERIL DESCARTAVEL, UND, 140,00, 16-FIO DE KIRSCHNER 1,00MM, UND, 16,00, 17-FIO DE KIRSCHNER 1,50MM, UND, 15,00, 18-FIO DE KIRSCHNER 2,00MM, UND, 15,00, 22-FIO GUIA CALIBRADO 1,5 MM HEBERT (LOTE FIOS), UND, 38,00, 25-FIO STEINMANN LISO 2,5MM, UND, 18,00, 26-FIO STEINMANN LISO 3,0MM, UND, 18,00, 27-FIO STEINMANN LISO 3,25MM, UND, 18,00, 28-FIO STEINMANN LISO 3,5MM, UND, 18,00, 29-FIO STEINMANN LISO 4,00MM, UND, 18,00, 30-FIO STEINMANN LISO 4,5MM, UND, 18,00,334-PINO DE SHANTZ 2,5, UND, 32,00, 464-TELA DE RECONSTRUCAO ACO INOX, UND, 1.200,00, LOTE 13, Itens, 470-PROTESE CABECA DE RADIO E TITANIO, DIAMETRO 12MM, UND, 3.480,00, 471-PROTESE CABECA DE RADIO E TITANIO, DIAMETRO 18MM, UND, 3.480,00, 472-PROTESE CABECA DE RADIO E TITANIO, DIAMETRO 9MM, UND, 3.480,00, LOTE 14, Itens, 433-SISTEMA DE PLACAS DE MINI FRAGMENTOS INCLUI PARAFUSOS ORTO, UND, 1.190,00, LOTE 15, Itens, 34-HASTE DE BLOQUEIO CEFALICO PROXIMAL EM ACO INOX, UND, 1.600,00, 35-HASTE INTRAMEDULAR PARA FEMUR EM ACO INOX, UND, 2.200,00, 36-HASTE INTRAMEDULAR PARA TIBIA EM ACO INOX, UND, 2.000,00, LOTE 16, Itens, 01-ANCORA EM TITANIO MONTADA, UND, 1.210,00, LOTE 17, Itens, 11-ENXERTO OSSEO EM BLOCO, UND, 1.600,00, LOTE 18, Itens, 10-ENXERTO OSSEO SCC, UND, 770,00, LOTE 19, Itens, 37-LAMINA DESCARTAVEL PARA FACA DE ENXERTO DE PELE (BLAIR), UND, 1.100,00, 38-LAMINA DESCARTAVEL PARA FACA DE ENXERTO DE PELE (BLAIR), UND, 1.100,00, LOTE 20, Itens, 20-ARRUELA 7,0 MM, UND, 22,00, 103-PARAFUSO CORTICAL 3,5 Nº 10, UND, 69,00, 104-PARAFUSO CORTICAL 3,5 Nº 12, UND, 69,00, 105-PARAFUSO CORTICAL 3,5 Nº 14, UND, 69,00, 106-PARAFUSO CORTICAL 3,5 Nº 16, UND, 69,00, 107-PARAFUSO CORTICAL 3,5 N.º 18, UND, 69,00, 108- PARAFUSO CORTICAL 3,5 N.º 20, UND, 69,00, 109-PARAFUSO CORTICAL 3,5 N.º 22, UND, 69,00, 110-PARAFUSO CORTICAL 3,5 N.º 24, UND, 69,00, 111-PARAFUSO CORTICAL 3,5 N.º 26, UND, 69,00, 112-PARAFUSO CORTICAL 3,5 N.º 28, UND, 69,00, 113-PARAFUSO CORTICAL 3,5 N.º 30, UND, 69,00, 114-PARAFUSO CORTICAL 3,5 N.º 32, UND, 69,00, 115-PARAFUSO CORTICAL 3,5 N.º 36, UND, 69,00, 116-PARAFUSO CORTICAL 3,5 N.º 40, UND, 69,00, 117-PARAFUSO CORTICAL 3,5 N.º 45, UND, 69,00, 118-PARAFUSO CORTICAL 3,5 N.º 50, UND, 69,00, 119-PARAFUSO CORTICAL 3,5 N.º 55, UND, 69,00, 120-PARAFUSO CORTICAL 3,5 N.º 60, UND, 69,00, 154-PARAFUSO CORTICAL BLOQ. EM ACO INOXIDAVEL 3,5MM N.º 10, UND, 135,00, 155-PARAFUSO CORTICAL BLOQ. EM ACO INOXIDAVEL 3,5MM N.º 12, UND, 135,00, 156-PARAFUSO CORTICAL BLOQ. EM ACO INOXIDAVEL 3,5MM N.º 14, UND, 135,00, 157-PARAFUSO CORTICAL BLOQ. EM ACO INOXIDAVEL 3,5MM N.º 16, UND, 135,00, 158-PARAFUSO CORTICAL BLOQ. EM ACO INOXIDAVEL 3,5MM N.º 18, UND, 135,00, 159-PARAFUSO CORTICAL BLOQ. EM ACO INOXIDAVEL 3,5MM N.º 20, UND, 135,00, 160-PARAFUSO CORTICAL BLOQ. EM ACO INOXIDAVEL 3,5MM N.º 22, UND, 135,00, 161-PARAFUSO CORTICAL BLOQ. EM ACO INOXIDAVEL 3,5MM N.º 24, UND, 135,00, 162-PARAFUSO CORTICAL BLOQ. EM ACO INOXIDAVEL 3,5MM N.º 26, UND, 135,00, 163-PARAFUSO CORTICAL BLOQ. EM ACO INOXIDAVEL 3,5MM N.º 28, UND, 135,00, 164-PARAFUSO CORTICAL BLOQ. EM ACO INOXIDAVEL 3,5MM N.º 30, UND, 135,00, 165-PARAFUSO CORTICAL BLOQ. EM ACO INOXIDAVEL 3,5MM N.º 32, UND, 135,00, 166-PARAFUSO CORTICAL BLOQ. EM ACO INOXIDAVEL 3,5MM N.º 35, UND, 135,00, 167-PARAFUSO CORTICAL BLOQ. EM ACO INOXIDAVEL 3,5MM N.º 38, UND, 135,00, 168-PARAFUSO CORTICAL BLOQ. EM ACO INOXIDAVEL 3,5MM N.º 40, UND, 135,00, 169-PARAFUSO CORTICAL BLOQ. EM ACO INOXIDAVEL 3,5MM N.º 42, UND, 135,00, 170- PARAFUSO CORTICAL BLOQ. EM ACO INOXIDAVEL 3,5MM N.º 45, UND, 135,00, 171-PARAFUSO CORTICAL BLOQ. EM ACO INOXIDAVEL 3,5MM N.º 48, UND, 135,00, 172-PARAFUSO CORTICAL BLOQ. EM ACO INOXIDAVEL 3,5MM N.º 50, UND, 135,00, 173-PARAFUSO CORTICAL BLOQ. EM ACO INOXIDAVEL 3,5MM N.º 52, UND, 135,00, 174-PARAFUSO CORTICAL BLOQ. EM ACO INOXIDAVEL 3,5MM N.º 55, UND, 135,00, 175-PARAFUSO CORTICAL BLOQ. EM ACO INOXIDAVEL 3,5MM N.º 60, UND, 135,00, 285-PARAFUSO ESPONJOSO EM ACO INOX. 4,0 MM ROSCA CURTA Nº 10, UND, 135,00, 285-PARAFUSO ESPONJOSO EM ACO INOX. 4,0 MM ROSCA CURTA Nº 12, UND, 135,00, 286-PARAFUSO ESPONJOSO EM ACO INOX. 4,0 MM ROSCA CURTA N.º 14, UND, 135,00, 287-PARAFUSO ESPONJOSO EM ACO INOX. 4,0 MM ROSCA CURTA N.º 16, UND, 135,00, 288-PARAFUSO ESPONJOSO EM ACO INOX. 4,0 MM ROSCA CURTA N.º 18, UND, 135,00, 289-PARAFUSO ESPONJOSO EM ACO INOX. 4,0 MM ROSCA CURTA N.º 20, UND, 135,00, 290-PARAFUSO ESPONJOSO EM ACO INOX. 4,0 MM ROSCA CURTA N.º 22, UND, 135,00, 291- PARAFUSO ESPONJOSO EM ACO INOX. 4,0 MM ROSCA CURTA N.º 24, UND, 135,00, 292-PARAFUSO ESPONJOSO EM ACO INOX. 4,0 MM ROSCA CURTA N.º 26, UND, 135,00, 293-PARAFUSO ESPONJOSO EM ACO INOX. 4,0 MM ROSCA CURTA N.º 28, UND, 135,00, 294-PARAFUSO ESPONJOSO EM ACO INOX. 4,0 MM ROSCA CURTA N.º 30, UND, 135,00, 295-PARAFUSO ESPONJOSO EM ACO INOX. 4,0 MM ROSCA CURTA N.º 35, UND, 135,00, 296-PARAFUSO ESPONJOSO EM ACO INOX. 4,0 MM ROSCA CURTA N.º 40, UND, 135,00, 297-PARAFUSO ESPONJOSO EM ACO INOX. 4,0 MM ROSCA TOTAL N.º 10, UND, 135,00, 298-PARAFUSO ESPONJOSO EM ACO INOX. 4,0 MM ROSCA TOTAL N.º 12, UND, 135,00, 299-PARAFUSO ESPONJOSO EM ACO INOX. 4,0 MM ROSCA TOTAL N.º 14, UND, 135,00, 300-PARAFUSO ESPONJOSO EM ACO INOX. 4,0 MM ROSCA TOTAL N.º 16, UND, 135,00, 301-PARAFUSO ESPONJOSO EM ACO INOX. 4,0 MM ROSCA TOTAL N.º 18, UND, 135,00,
